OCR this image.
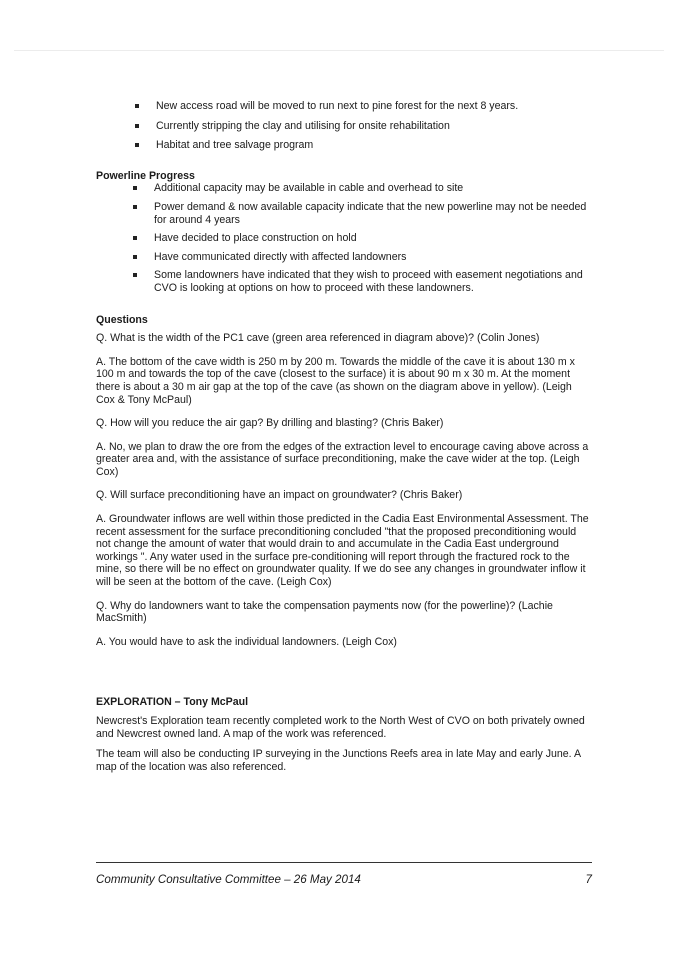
New access road will be moved to run next to pine forest for the next 8 years.
Currently stripping the clay and utilising for onsite rehabilitation
Habitat and tree salvage program

Powerline Progress

Additional capacity may be available in cable and overhead to site
Power demand & now available capacity indicate that the new powerline may not be needed for around 4 years
Have decided to place construction on hold
Have communicated directly with affected landowners
Some landowners have indicated that they wish to proceed with easement negotiations and CVO is looking at options on how to proceed with these landowners.

Questions

Q. What is the width of the PC1 cave (green area referenced in diagram above)? (Colin Jones)

A. The bottom of the cave width is 250 m by 200 m. Towards the middle of the cave it is about 130 m x 100 m and towards the top of the cave (closest to the surface) it is about 90 m x 30 m. At the moment there is about a 30 m air gap at the top of the cave (as shown on the diagram above in yellow). (Leigh Cox & Tony McPaul)

Q. How will you reduce the air gap? By drilling and blasting? (Chris Baker)

A. No, we plan to draw the ore from the edges of the extraction level to encourage caving above across a greater area and, with the assistance of surface preconditioning, make the cave wider at the top. (Leigh Cox)

Q. Will surface preconditioning have an impact on groundwater? (Chris Baker)

A. Groundwater inflows are well within those predicted in the Cadia East Environmental Assessment. The recent assessment for the surface preconditioning concluded "that the proposed preconditioning would not change the amount of water that would drain to and accumulate in the Cadia East underground workings ". Any water used in the surface pre-conditioning will report through the fractured rock to the mine, so there will be no effect on groundwater quality. If we do see any changes in groundwater inflow it will be seen at the bottom of the cave. (Leigh Cox)

Q. Why do landowners want to take the compensation payments now (for the powerline)? (Lachie MacSmith)

A. You would have to ask the individual landowners. (Leigh Cox)

EXPLORATION – Tony McPaul

Newcrest's Exploration team recently completed work to the North West of CVO on both privately owned and Newcrest owned land. A map of the work was referenced.

The team will also be conducting IP surveying in the Junctions Reefs area in late May and early June. A map of the location was also referenced.

Community Consultative Committee – 26 May 2014	7
